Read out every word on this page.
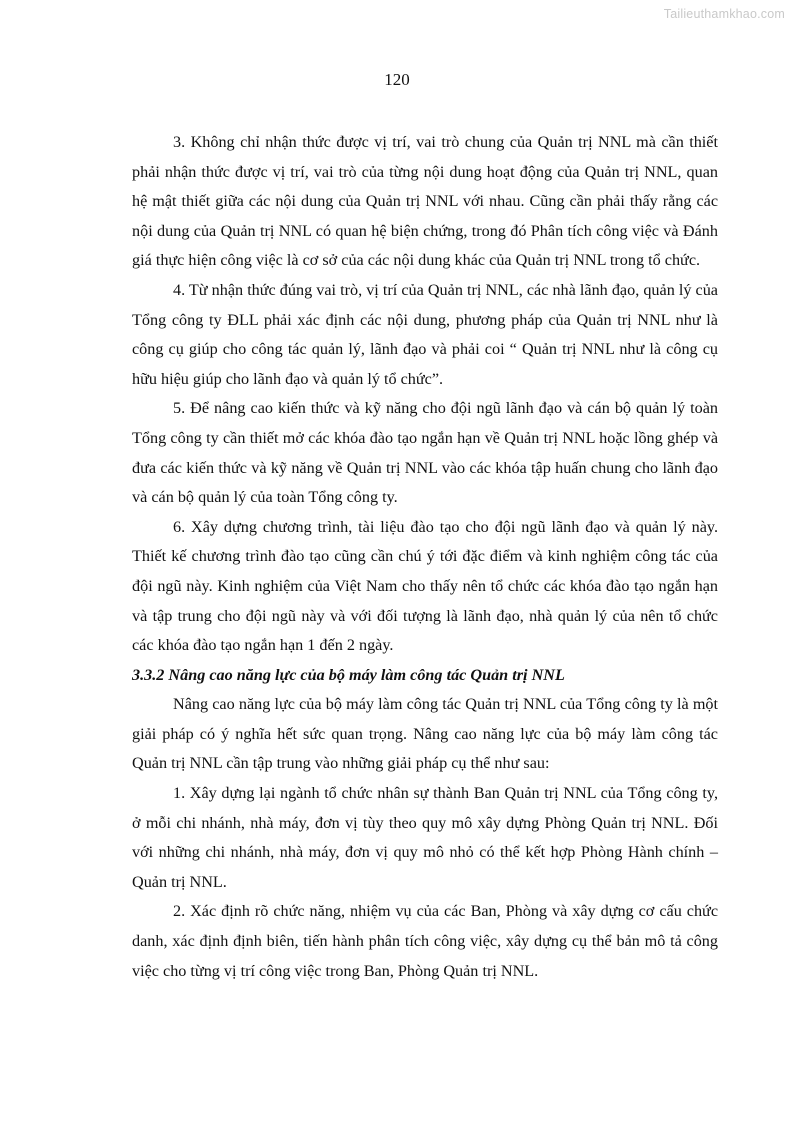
Tailieuthamkhao.com
120

3. Không chỉ nhận thức được vị trí, vai trò chung của Quản trị NNL mà cần thiết phải nhận thức được vị trí, vai trò của từng nội dung hoạt động của Quản trị NNL, quan hệ mật thiết giữa các nội dung của Quản trị NNL với nhau. Cũng cần phải thấy rằng các nội dung của Quản trị NNL có quan hệ biện chứng, trong đó Phân tích công việc và Đánh giá thực hiện công việc là cơ sở của các nội dung khác của Quản trị NNL trong tổ chức.

4. Từ nhận thức đúng vai trò, vị trí của Quản trị NNL, các nhà lãnh đạo, quản lý của Tổng công ty ĐLL phải xác định các nội dung, phương pháp của Quản trị NNL như là công cụ giúp cho công tác quản lý, lãnh đạo và phải coi “ Quản trị NNL như là công cụ hữu hiệu giúp cho lãnh đạo và quản lý tổ chức”.

5. Để nâng cao kiến thức và kỹ năng cho đội ngũ lãnh đạo và cán bộ quản lý toàn Tổng công ty cần thiết mở các khóa đào tạo ngắn hạn về Quản trị NNL hoặc lồng ghép và đưa các kiến thức và kỹ năng về Quản trị NNL vào các khóa tập huấn chung cho lãnh đạo và cán bộ quản lý của toàn Tổng công ty.

6. Xây dựng chương trình, tài liệu đào tạo cho đội ngũ lãnh đạo và quản lý này. Thiết kế chương trình đào tạo cũng cần chú ý tới đặc điểm và kinh nghiệm công tác của đội ngũ này. Kinh nghiệm của Việt Nam cho thấy nên tổ chức các khóa đào tạo ngắn hạn và tập trung cho đội ngũ này và với đối tượng là lãnh đạo, nhà quản lý của nên tổ chức các khóa đào tạo ngắn hạn 1 đến 2 ngày.

3.3.2 Nâng cao năng lực của bộ máy làm công tác Quản trị NNL

Nâng cao năng lực của bộ máy làm công tác Quản trị NNL của Tổng công ty là một giải pháp có ý nghĩa hết sức quan trọng. Nâng cao năng lực của bộ máy làm công tác Quản trị NNL cần tập trung vào những giải pháp cụ thể như sau:

1. Xây dựng lại ngành tổ chức nhân sự thành Ban Quản trị NNL của Tổng công ty, ở mỗi chi nhánh, nhà máy, đơn vị tùy theo quy mô xây dựng Phòng Quản trị NNL. Đối với những chi nhánh, nhà máy, đơn vị quy mô nhỏ có thể kết hợp Phòng Hành chính – Quản trị NNL.

2. Xác định rõ chức năng, nhiệm vụ của các Ban, Phòng và xây dựng cơ cấu chức danh, xác định định biên, tiến hành phân tích công việc, xây dựng cụ thể bản mô tả công việc cho từng vị trí công việc trong Ban, Phòng Quản trị NNL.
